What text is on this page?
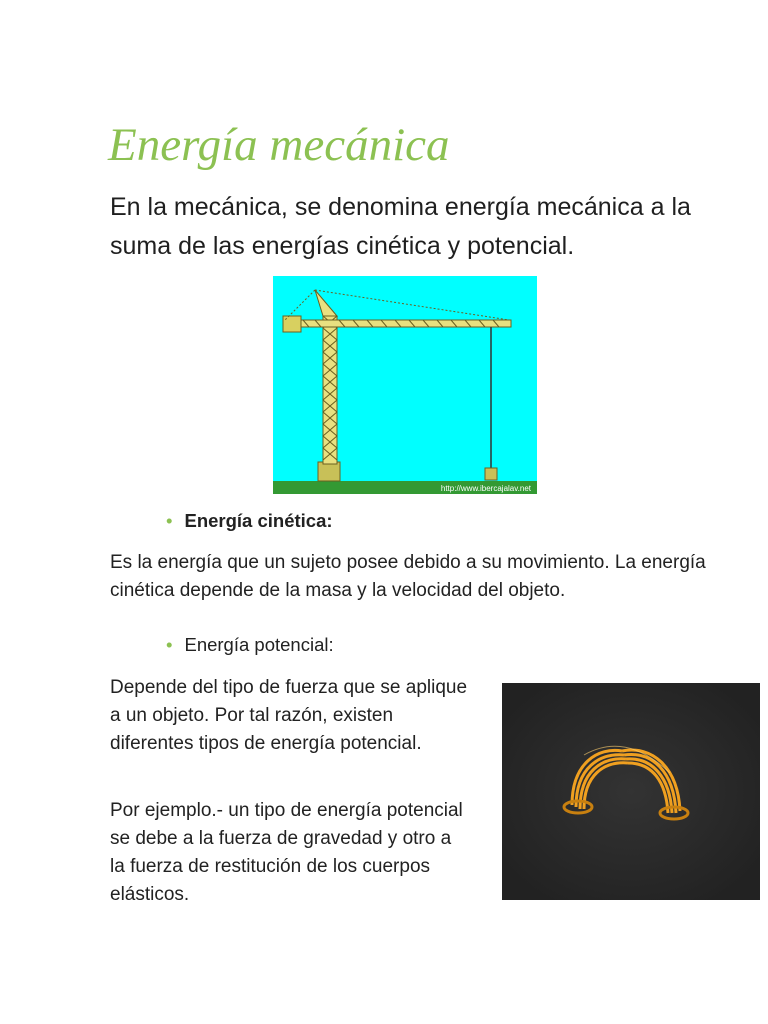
Energía mecánica

En la mecánica, se denomina energía mecánica a la suma de las energías cinética y potencial.

http://www.ibercajalav.net
• Energía cinética:

Es la energía que un sujeto posee debido a su movimiento. La energía cinética depende de la masa y la velocidad del objeto.

• Energía potencial:

Depende del tipo de fuerza que se aplique a un objeto. Por tal razón, existen diferentes tipos de energía potencial.

Por ejemplo.- un tipo de energía potencial se debe a la fuerza de gravedad y otro a la fuerza de restitución de los cuerpos elásticos.
